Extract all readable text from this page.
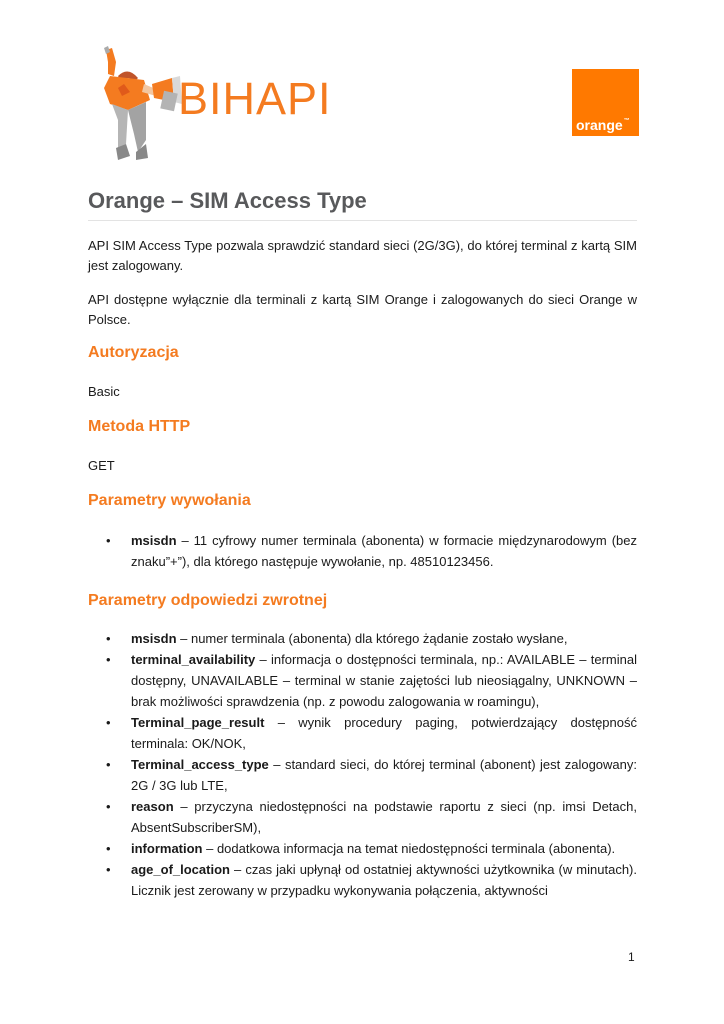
BIHAPI
orange™
Orange – SIM Access Type
API SIM Access Type pozwala sprawdzić standard sieci (2G/3G), do której terminal z kartą SIM jest zalogowany.
API dostępne wyłącznie dla terminali z kartą SIM Orange i zalogowanych do sieci Orange w Polsce.
Autoryzacja
Basic
Metoda HTTP
GET
Parametry wywołania
• msisdn – 11 cyfrowy numer terminala (abonenta) w formacie międzynarodowym (bez znaku”+”), dla którego następuje wywołanie, np. 48510123456.
Parametry odpowiedzi zwrotnej
• msisdn – numer terminala (abonenta) dla którego żądanie zostało wysłane,
• terminal_availability – informacja o dostępności terminala, np.: AVAILABLE – terminal dostępny, UNAVAILABLE – terminal w stanie zajętości lub nieosiągalny, UNKNOWN – brak możliwości sprawdzenia (np. z powodu zalogowania w roamingu),
• Terminal_page_result – wynik procedury paging, potwierdzający dostępność terminala: OK/NOK,
• Terminal_access_type – standard sieci, do której terminal (abonent) jest zalogowany: 2G / 3G lub LTE,
• reason – przyczyna niedostępności na podstawie raportu z sieci (np. imsi Detach, AbsentSubscriberSM),
• information – dodatkowa informacja na temat niedostępności terminala (abonenta).
• age_of_location – czas jaki upłynął od ostatniej aktywności użytkownika (w minutach). Licznik jest zerowany w przypadku wykonywania połączenia, aktywności
1
